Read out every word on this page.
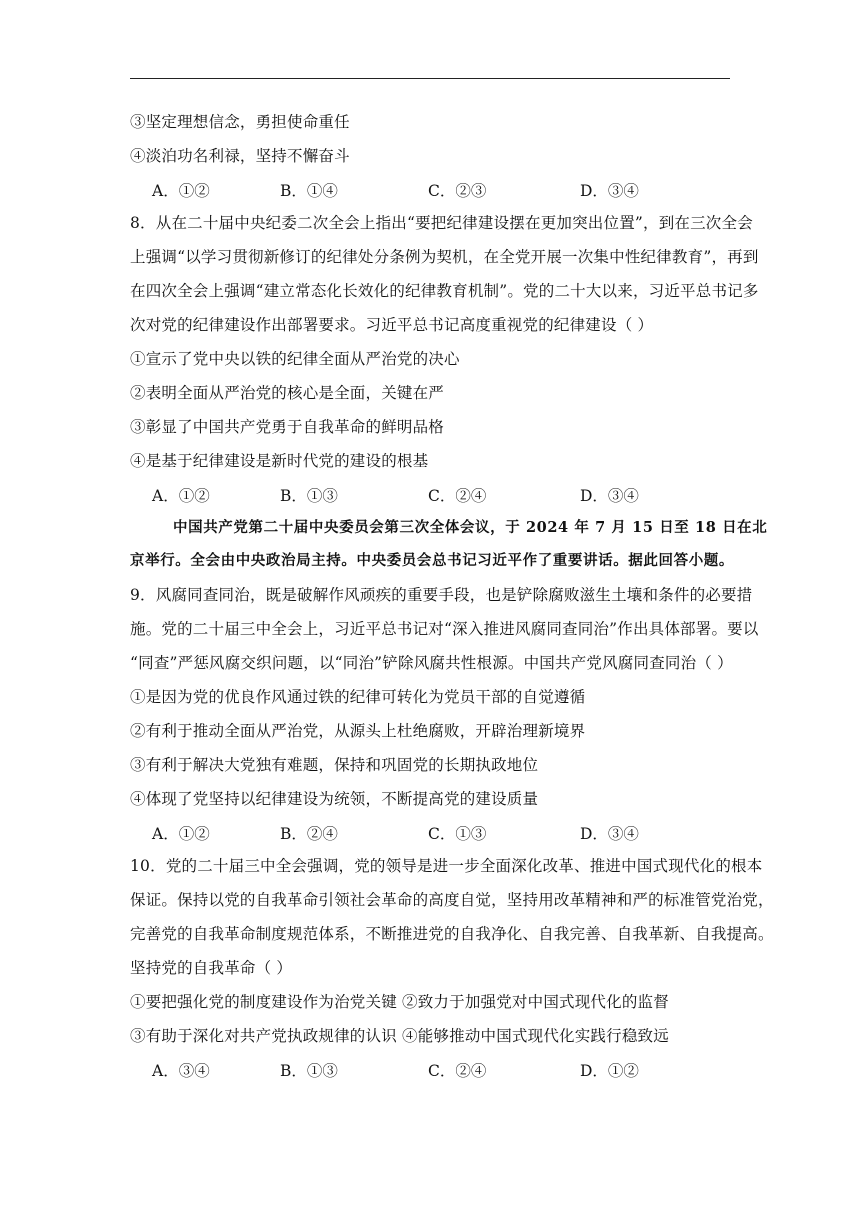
③坚定理想信念，勇担使命重任
④淡泊功名利禄，坚持不懈奋斗
A．①②	B．①④	C．②③	D．③④
8．从在二十届中央纪委二次全会上指出“要把纪律建设摆在更加突出位置”，到在三次全会
上强调“以学习贯彻新修订的纪律处分条例为契机，在全党开展一次集中性纪律教育”，再到
在四次全会上强调“建立常态化长效化的纪律教育机制”。党的二十大以来，习近平总书记多
次对党的纪律建设作出部署要求。习近平总书记高度重视党的纪律建设（ ）
①宣示了党中央以铁的纪律全面从严治党的决心
②表明全面从严治党的核心是全面，关键在严
③彰显了中国共产党勇于自我革命的鲜明品格
④是基于纪律建设是新时代党的建设的根基
A．①②	B．①③	C．②④	D．③④
中国共产党第二十届中央委员会第三次全体会议，于 2024 年 7 月 15 日至 18 日在北
京举行。全会由中央政治局主持。中央委员会总书记习近平作了重要讲话。据此回答小题。
9．风腐同查同治，既是破解作风顽疾的重要手段，也是铲除腐败滋生土壤和条件的必要措
施。党的二十届三中全会上，习近平总书记对“深入推进风腐同查同治”作出具体部署。要以
“同查”严惩风腐交织问题，以“同治”铲除风腐共性根源。中国共产党风腐同查同治（ ）
①是因为党的优良作风通过铁的纪律可转化为党员干部的自觉遵循
②有利于推动全面从严治党，从源头上杜绝腐败，开辟治理新境界
③有利于解决大党独有难题，保持和巩固党的长期执政地位
④体现了党坚持以纪律建设为统领，不断提高党的建设质量
A．①②	B．②④	C．①③	D．③④
10．党的二十届三中全会强调，党的领导是进一步全面深化改革、推进中国式现代化的根本
保证。保持以党的自我革命引领社会革命的高度自觉，坚持用改革精神和严的标准管党治党，
完善党的自我革命制度规范体系，不断推进党的自我净化、自我完善、自我革新、自我提高。
坚持党的自我革命（ ）
①要把强化党的制度建设作为治党关键 ②致力于加强党对中国式现代化的监督
③有助于深化对共产党执政规律的认识 ④能够推动中国式现代化实践行稳致远
A．③④	B．①③	C．②④	D．①②
